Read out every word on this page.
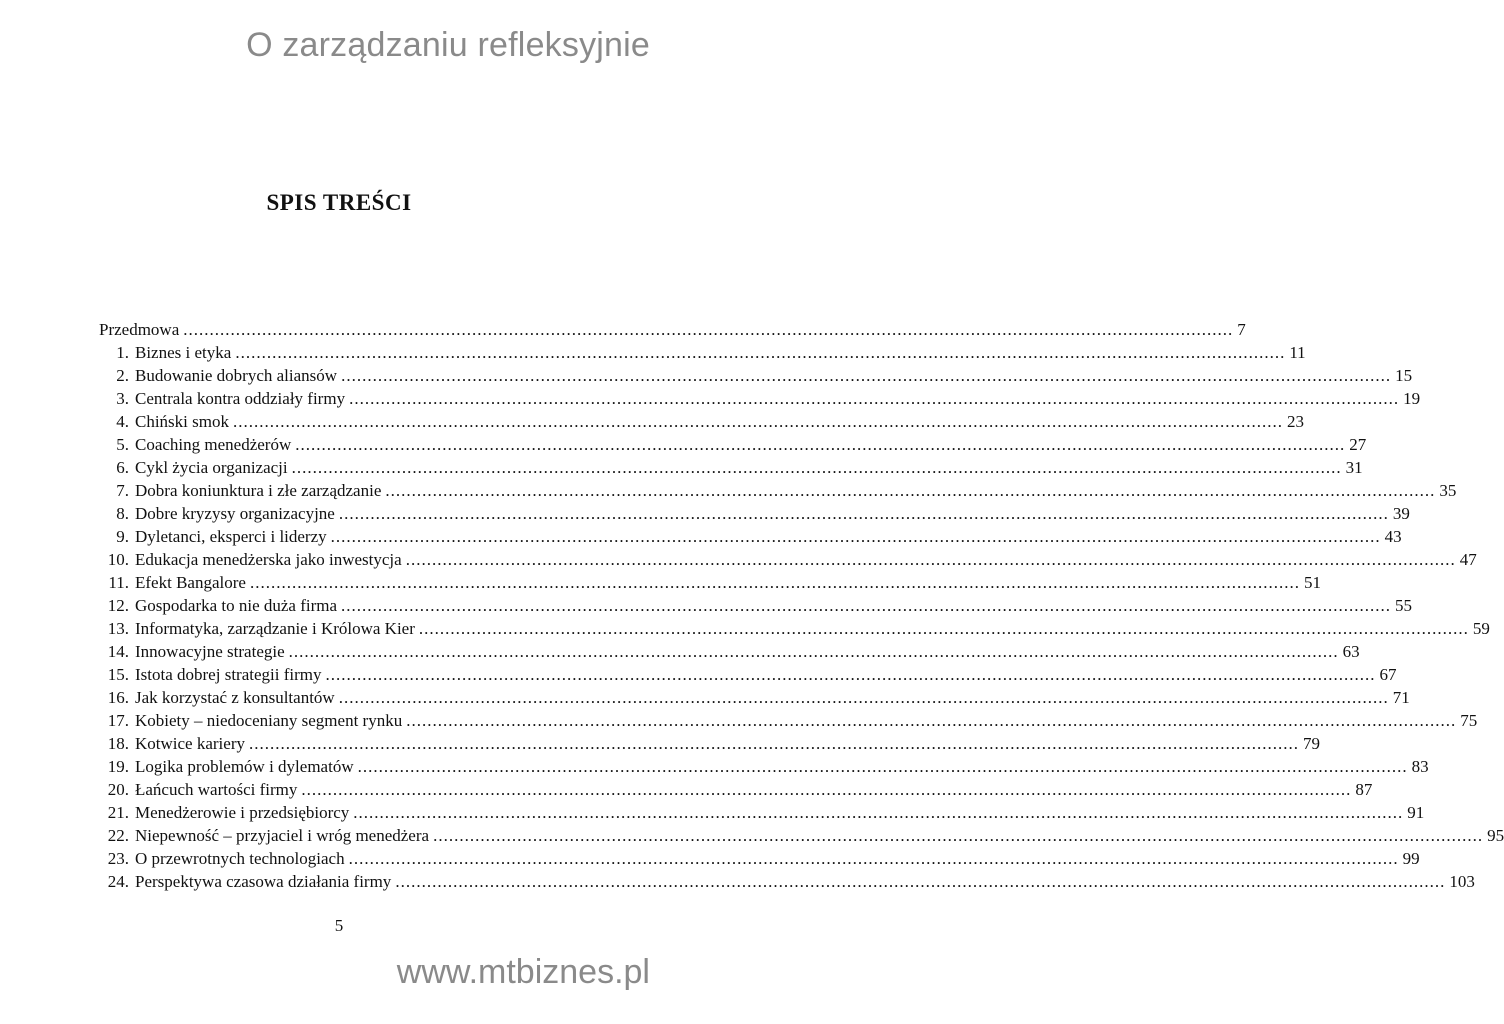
O zarządzaniu refleksyjnie
SPIS TREŚCI
Przedmowa ........................................................................................................................................................................................................ 7
1. Biznes i etyka ........................................................................................................................................................................................................ 11
2. Budowanie dobrych aliansów ........................................................................................................................................................................................................ 15
3. Centrala kontra oddziały firmy ........................................................................................................................................................................................................ 19
4. Chiński smok ........................................................................................................................................................................................................ 23
5. Coaching menedżerów ........................................................................................................................................................................................................ 27
6. Cykl życia organizacji ........................................................................................................................................................................................................ 31
7. Dobra koniunktura i złe zarządzanie ........................................................................................................................................................................................................ 35
8. Dobre kryzysy organizacyjne ........................................................................................................................................................................................................ 39
9. Dyletanci, eksperci i liderzy ........................................................................................................................................................................................................ 43
10. Edukacja menedżerska jako inwestycja ........................................................................................................................................................................................................ 47
11. Efekt Bangalore ........................................................................................................................................................................................................ 51
12. Gospodarka to nie duża firma ........................................................................................................................................................................................................ 55
13. Informatyka, zarządzanie i Królowa Kier ........................................................................................................................................................................................................ 59
14. Innowacyjne strategie ........................................................................................................................................................................................................ 63
15. Istota dobrej strategii firmy ........................................................................................................................................................................................................ 67
16. Jak korzystać z konsultantów ........................................................................................................................................................................................................ 71
17. Kobiety – niedoceniany segment rynku ........................................................................................................................................................................................................ 75
18. Kotwice kariery ........................................................................................................................................................................................................ 79
19. Logika problemów i dylematów ........................................................................................................................................................................................................ 83
20. Łańcuch wartości firmy ........................................................................................................................................................................................................ 87
21. Menedżerowie i przedsiębiorcy ........................................................................................................................................................................................................ 91
22. Niepewność – przyjaciel i wróg menedżera ........................................................................................................................................................................................................ 95
23. O przewrotnych technologiach ........................................................................................................................................................................................................ 99
24. Perspektywa czasowa działania firmy ........................................................................................................................................................................................................ 103
5
www.mtbiznes.pl
